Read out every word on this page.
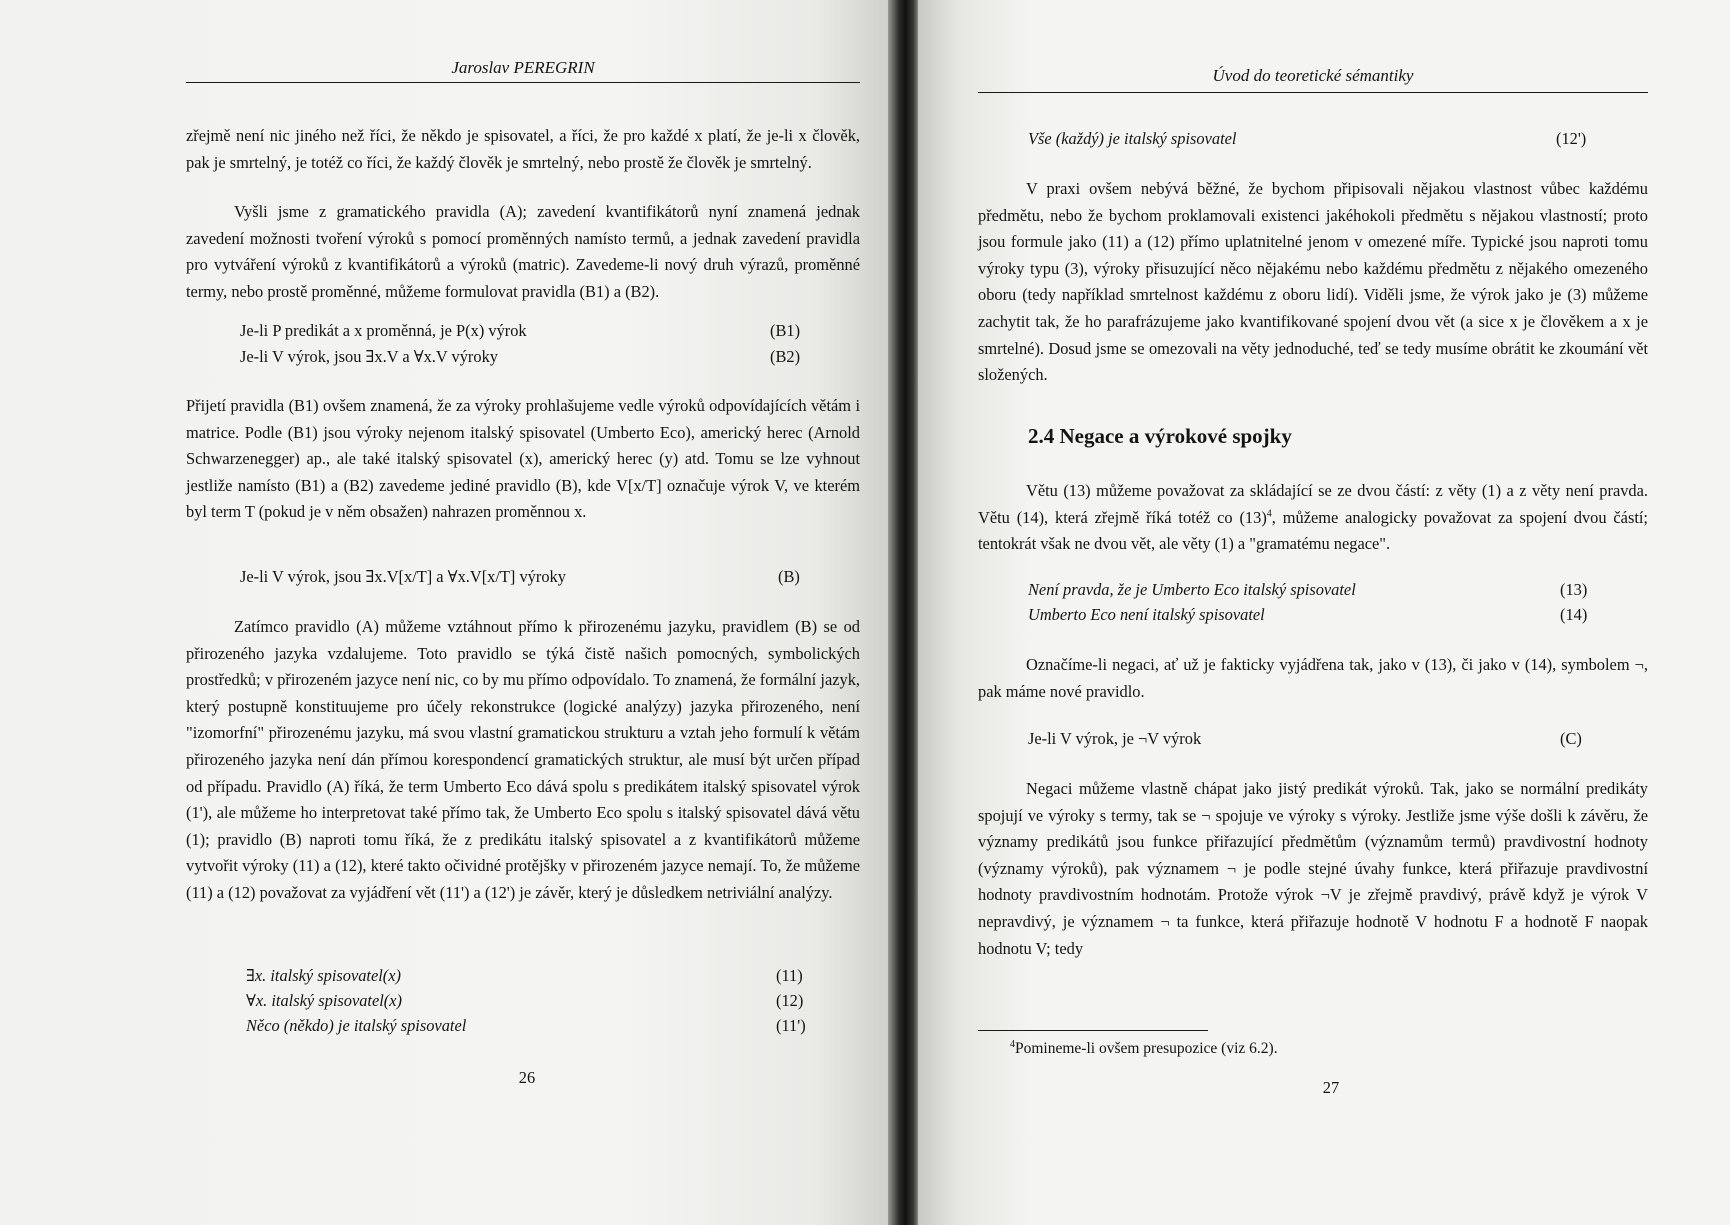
Jaroslav PEREGRIN

zřejmě není nic jiného než říci, že někdo je spisovatel, a říci, že pro každé x platí, že je-li x člověk, pak je smrtelný, je totéž co říci, že každý člověk je smrtelný, nebo prostě že člověk je smrtelný.

Vyšli jsme z gramatického pravidla (A); zavedení kvantifikátorů nyní znamená jednak zavedení možnosti tvoření výroků s pomocí proměnných namísto termů, a jednak zavedení pravidla pro vytváření výroků z kvantifikátorů a výroků (matric). Zavedeme-li nový druh výrazů, proměnné termy, nebo prostě proměnné, můžeme formulovat pravidla (B1) a (B2).

Je-li P predikát a x proměnná, je P(x) výrok	(B1)
Je-li V výrok, jsou ∃x.V a ∀x.V výroky	(B2)

Přijetí pravidla (B1) ovšem znamená, že za výroky prohlašujeme vedle výroků odpovídajících větám i matrice. Podle (B1) jsou výroky nejenom italský spisovatel (Umberto Eco), americký herec (Arnold Schwarzenegger) ap., ale také italský spisovatel (x), americký herec (y) atd. Tomu se lze vyhnout jestliže namísto (B1) a (B2) zavedeme jediné pravidlo (B), kde V[x/T] označuje výrok V, ve kterém byl term T (pokud je v něm obsažen) nahrazen proměnnou x.

Je-li V výrok, jsou ∃x.V[x/T] a ∀x.V[x/T] výroky	(B)

Zatímco pravidlo (A) můžeme vztáhnout přímo k přirozenému jazyku, pravidlem (B) se od přirozeného jazyka vzdalujeme. Toto pravidlo se týká čistě našich pomocných, symbolických prostředků; v přirozeném jazyce není nic, co by mu přímo odpovídalo. To znamená, že formální jazyk, který postupně konstituujeme pro účely rekonstrukce (logické analýzy) jazyka přirozeného, není "izomorfní" přirozenému jazyku, má svou vlastní gramatickou strukturu a vztah jeho formulí k větám přirozeného jazyka není dán přímou korespondencí gramatických struktur, ale musí být určen případ od případu. Pravidlo (A) říká, že term Umberto Eco dává spolu s predikátem italský spisovatel výrok (1'), ale můžeme ho interpretovat také přímo tak, že Umberto Eco spolu s italský spisovatel dává větu (1); pravidlo (B) naproti tomu říká, že z predikátu italský spisovatel a z kvantifikátorů můžeme vytvořit výroky (11) a (12), které takto očividné protějšky v přirozeném jazyce nemají. To, že můžeme (11) a (12) považovat za vyjádření vět (11') a (12') je závěr, který je důsledkem netriviální analýzy.

∃x. italský spisovatel(x)	(11)
∀x. italský spisovatel(x)	(12)
Něco (někdo) je italský spisovatel	(11')
26
Úvod do teoretické sémantiky
Vše (každý) je italský spisovatel	(12')

V praxi ovšem nebývá běžné, že bychom připisovali nějakou vlastnost vůbec každému předmětu, nebo že bychom proklamovali existenci jakéhokoli předmětu s nějakou vlastností; proto jsou formule jako (11) a (12) přímo uplatnitelné jenom v omezené míře. Typické jsou naproti tomu výroky typu (3), výroky přisuzující něco nějakému nebo každému předmětu z nějakého omezeného oboru (tedy například smrtelnost každému z oboru lidí). Viděli jsme, že výrok jako je (3) můžeme zachytit tak, že ho parafrázujeme jako kvantifikované spojení dvou vět (a sice x je člověkem a x je smrtelné). Dosud jsme se omezovali na věty jednoduché, teď se tedy musíme obrátit ke zkoumání vět složených.

2.4 Negace a výrokové spojky

Větu (13) můžeme považovat za skládající se ze dvou částí: z věty (1) a z věty není pravda. Větu (14), která zřejmě říká totéž co $(13)^4$, můžeme analogicky považovat za spojení dvou částí; tentokrát však ne dvou vět, ale věty (1) a "gramatému negace".

Není pravda, že je Umberto Eco italský spisovatel	(13)
Umberto Eco není italský spisovatel	(14)

Označíme-li negaci, ať už je fakticky vyjádřena tak, jako v (13), či jako v (14), symbolem ¬, pak máme nové pravidlo.

Je-li V výrok, je ¬V výrok	(C)

Negaci můžeme vlastně chápat jako jistý predikát výroků. Tak, jako se normální predikáty spojují ve výroky s termy, tak se ¬ spojuje ve výroky s výroky. Jestliže jsme výše došli k závěru, že významy predikátů jsou funkce přiřazující předmětům (významům termů) pravdivostní hodnoty (významy výroků), pak významem ¬ je podle stejné úvahy funkce, která přiřazuje pravdivostní hodnoty pravdivostním hodnotám. Protože výrok ¬V je zřejmě pravdivý, právě když je výrok V nepravdivý, je významem ¬ ta funkce, která přiřazuje hodnotě V hodnotu F a hodnotě F naopak hodnotu V; tedy

$^4$Pomineme-li ovšem presupozice (viz 6.2).
27
